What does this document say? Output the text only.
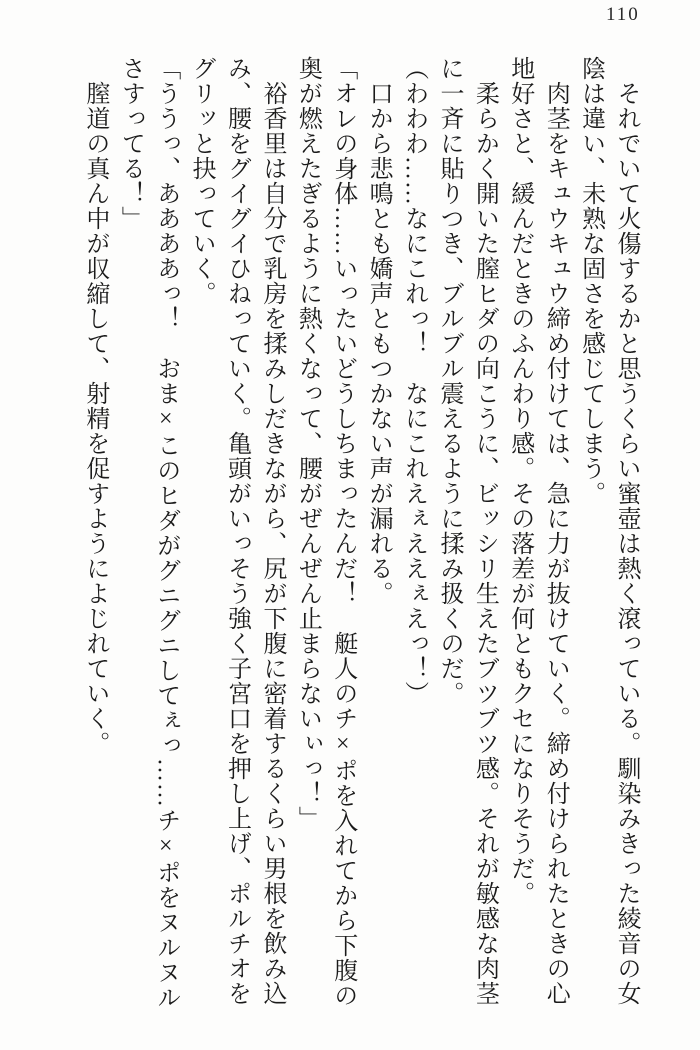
110

それでいて火傷するかと思うくらい蜜壺は熱く滾っている。馴染みきった綾音の女

陰は違い、未熟な固さを感じてしまう。

肉茎をキュウキュウ締め付けては、急に力が抜けていく。締め付けられたときの心

地好さと、緩んだときのふんわり感。その落差が何ともクセになりそうだ。

柔らかく開いた膣ヒダの向こうに、ビッシリ生えたブツブツ感。それが敏感な肉茎

に一斉に貼りつき、ブルブル震えるように揉み扱くのだ。

（わわわ……なにこれっ！　なにこれえぇええぇえっ！）

口から悲鳴とも嬌声ともつかない声が漏れる。

「オレの身体……いったいどうしちまったんだ！　艇人のチ×ポを入れてから下腹の

奥が燃えたぎるように熱くなって、腰がぜんぜん止まらないぃっ！」

裕香里は自分で乳房を揉みしだきながら、尻が下腹に密着するくらい男根を飲み込

み、腰をグイグイひねっていく。亀頭がいっそう強く子宮口を押し上げ、ポルチオを

グリッと抉っていく。

「ううっ、ああああっ！　おま×このヒダがグニグニしてぇっ……チ×ポをヌルヌル

さすってる！」

膣道の真ん中が収縮して、射精を促すようによじれていく。
